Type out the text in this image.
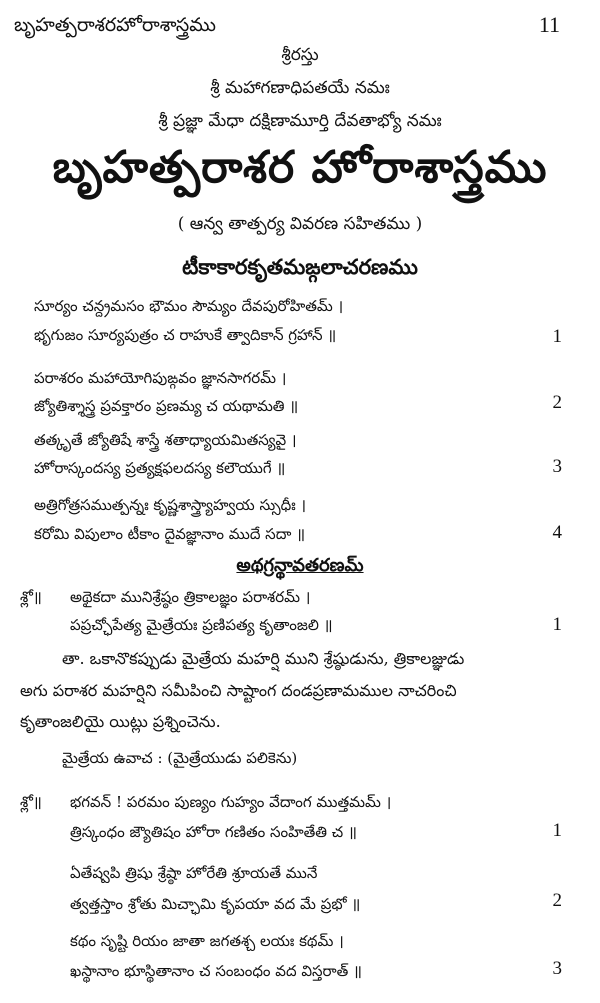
బృహత్పరాశరహోరాశాస్త్రము	11
శ్రీరస్తు
శ్రీ మహాగణాధిపతయే నమః
శ్రీ ప్రజ్ఞా మేధా దక్షిణామూర్తి దేవతాభ్యో నమః
బృహత్పరాశర హోరాశాస్త్రము
( ఆన్వ తాత్పర్య వివరణ సహితము )
టీకాకారకృతమఙ్గలాచరణము
సూర్యం చన్ద్రమసం భౌమం సౌమ్యం దేవపురోహితమ్ ।
భృగుజం సూర్యపుత్రం చ రాహుకే త్వాదికాన్ గ్రహాన్ ॥	1
పరాశరం మహాయోగిపుఙ్గవం జ్ఞానసాగరమ్ ।
జ్యోతిశ్శాస్త్ర ప్రవక్తారం ప్రణమ్య చ యథామతి ॥	2
తత్కృతే జ్యోతిషే శాస్త్రే శతాధ్యాయమితస్యవై ।
హోరాస్కందస్య ప్రత్యక్షఫలదస్య కలౌయుగే ॥	3
అత్రిగోత్రసముత్పన్నః కృష్ణశాస్త్ర్యాహ్వయ స్సుధీః ।
కరోమి విపులాం టీకాం దైవజ్ఞానాం ముదే సదా ॥	4
అథగ్రన్థావతరణమ్
శ్లో॥ అథైకదా మునిశ్రేష్ఠం త్రికాలజ్ఞం పరాశరమ్ ।
పప్రచ్ఛోపేత్య మైత్రేయః ప్రణిపత్య కృతాంజలి ॥	1
తా. ఒకానొకప్పుడు మైత్రేయ మహర్షి ముని శ్రేష్ఠుడును, త్రికాలజ్ఞుడు
అగు పరాశర మహర్షిని సమీపించి సాష్టాంగ దండప్రణామముల నాచరించి
కృతాంజలియై యిట్లు ప్రశ్నించెను.
మైత్రేయ ఉవాచ : (మైత్రేయుడు పలికెను)
శ్లో॥ భగవన్ ! పరమం పుణ్యం గుహ్యం వేదాంగ ముత్తమమ్ ।
త్రిస్కంధం జ్యౌతిషం హోరా గణితం సంహితేతి చ ॥	1
ఏతేష్వపి త్రిషు శ్రేష్ఠా హోరేతి శ్రూయతే మునే
త్వత్తస్తాం శ్రోతు మిచ్ఛామి కృపయా వద మే ప్రభో ॥	2
కథం సృష్టి రియం జాతా జగతశ్చ లయః కథమ్ ।
ఖస్థానాం భూస్థితానాం చ సంబంధం వద విస్తరాత్ ॥	3
